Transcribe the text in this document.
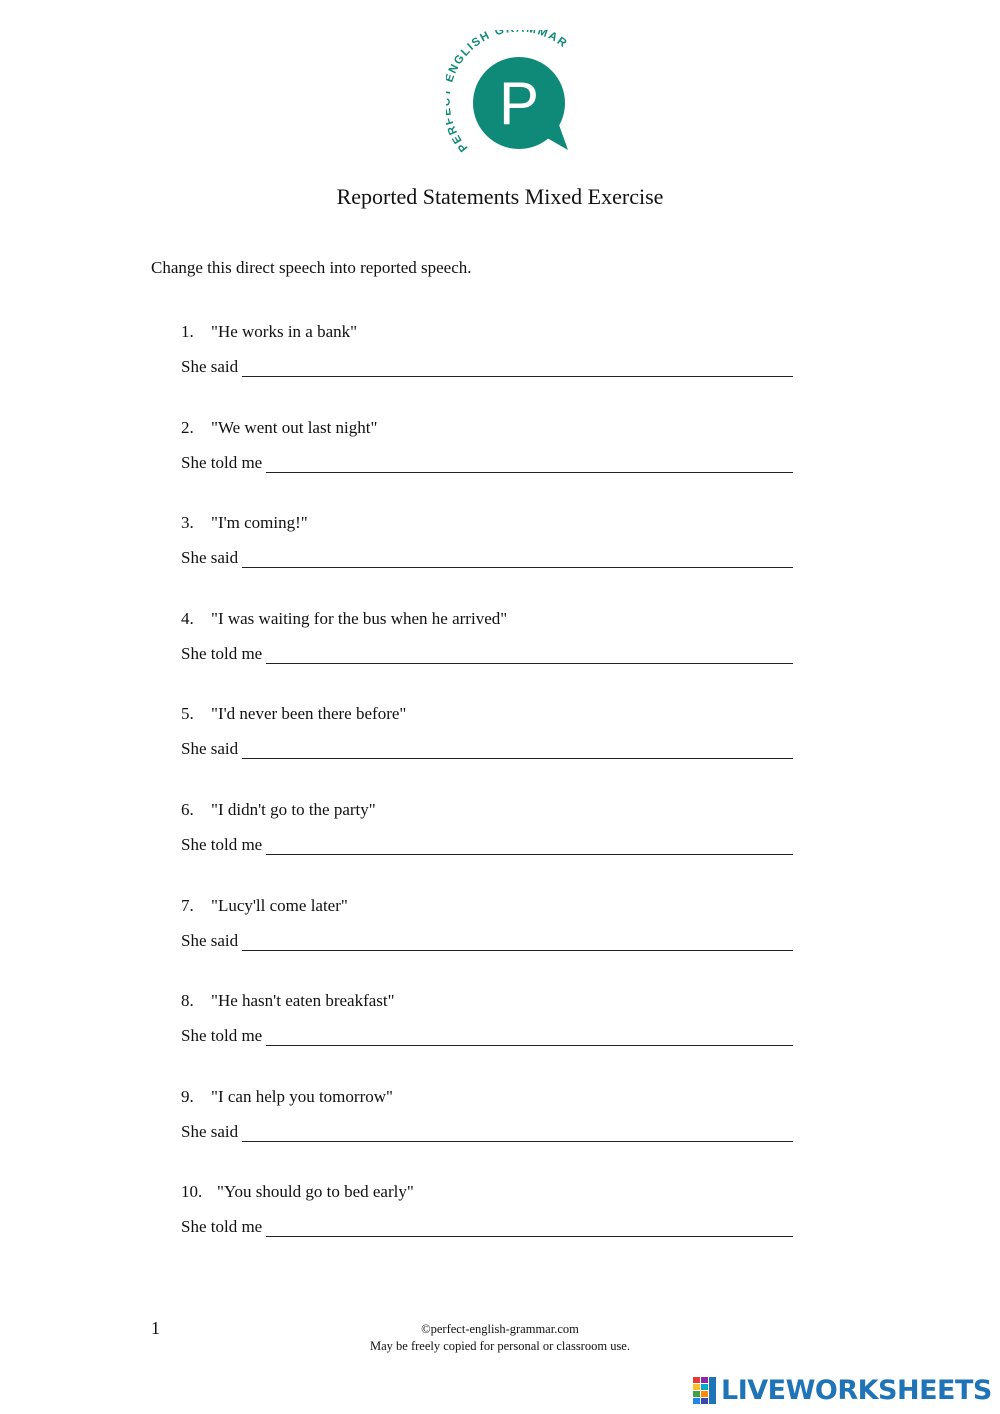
PER NGLISH G MAR
P
Reported Statements Mixed Exercise
Change this direct speech into reported speech.
1. "He works in a bank"
She said
2. "We went out last night"
She told me
3. "I'm coming!"
She said
4. "I was waiting for the bus when he arrived"
She told me
5. "I'd never been there before"
She said
6. "I didn't go to the party"
She told me
7. "Lucy'll come later"
She said
8. "He hasn't eaten breakfast"
She told me
9. "I can help you tomorrow"
She said
10. "You should go to bed early"
She told me
1	©perfect-english-grammar.com
May be freely copied for personal or classroom use.
LIVEWORKSHEETS
